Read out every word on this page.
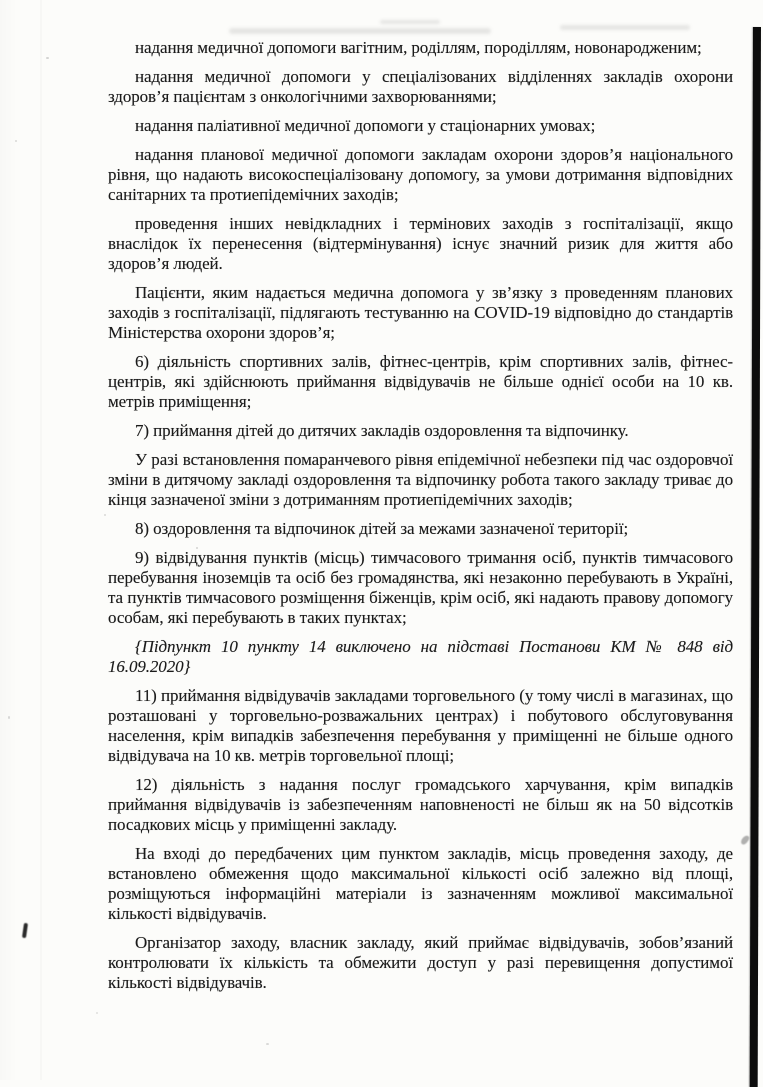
надання медичної допомоги вагітним, роділлям, породіллям, новонародженим;

надання медичної допомоги у спеціалізованих відділеннях закладів охорони здоров’я пацієнтам з онкологічними захворюваннями;

надання паліативної медичної допомоги у стаціонарних умовах;

надання планової медичної допомоги закладам охорони здоров’я національного рівня, що надають високоспеціалізовану допомогу, за умови дотримання відповідних санітарних та протиепідемічних заходів;

проведення інших невідкладних і термінових заходів з госпіталізації, якщо внаслідок їх перенесення (відтермінування) існує значний ризик для життя або здоров’я людей.

Пацієнти, яким надається медична допомога у зв’язку з проведенням планових заходів з госпіталізації, підлягають тестуванню на COVID-19 відповідно до стандартів Міністерства охорони здоров’я;

6) діяльність спортивних залів, фітнес-центрів, крім спортивних залів, фітнес-центрів, які здійснюють приймання відвідувачів не більше однієї особи на 10 кв. метрів приміщення;

7) приймання дітей до дитячих закладів оздоровлення та відпочинку.

У разі встановлення помаранчевого рівня епідемічної небезпеки під час оздоровчої зміни в дитячому закладі оздоровлення та відпочинку робота такого закладу триває до кінця зазначеної зміни з дотриманням протиепідемічних заходів;

8) оздоровлення та відпочинок дітей за межами зазначеної території;

9) відвідування пунктів (місць) тимчасового тримання осіб, пунктів тимчасового перебування іноземців та осіб без громадянства, які незаконно перебувають в Україні, та пунктів тимчасового розміщення біженців, крім осіб, які надають правову допомогу особам, які перебувають в таких пунктах;

{Підпункт 10 пункту 14 виключено на підставі Постанови КМ № 848 від 16.09.2020}

11) приймання відвідувачів закладами торговельного (у тому числі в магазинах, що розташовані у торговельно-розважальних центрах) і побутового обслуговування населення, крім випадків забезпечення перебування у приміщенні не більше одного відвідувача на 10 кв. метрів торговельної площі;

12) діяльність з надання послуг громадського харчування, крім випадків приймання відвідувачів із забезпеченням наповненості не більш як на 50 відсотків посадкових місць у приміщенні закладу.

На вході до передбачених цим пунктом закладів, місць проведення заходу, де встановлено обмеження щодо максимальної кількості осіб залежно від площі, розміщуються інформаційні матеріали із зазначенням можливої максимальної кількості відвідувачів.

Організатор заходу, власник закладу, який приймає відвідувачів, зобов’язаний контролювати їх кількість та обмежити доступ у разі перевищення допустимої кількості відвідувачів.
